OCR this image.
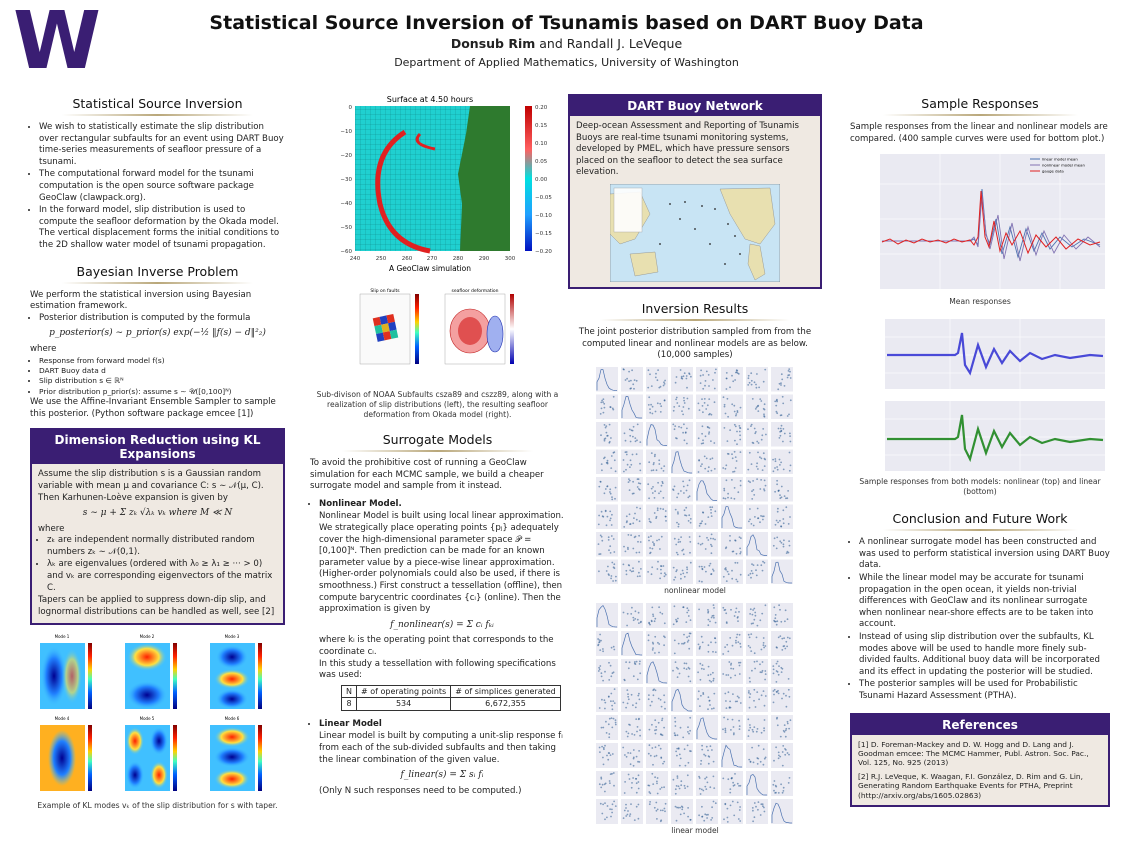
W	Statistical Source Inversion of Tsunamis based on DART Buoy Data
Donsub Rim and Randall J. LeVeque
Department of Applied Mathematics, University of Washington
Statistical Source Inversion
• We wish to statistically estimate the slip distribution over rectangular subfaults for an event using DART Buoy time-series measurements of seafloor pressure of a tsunami.
• The computational forward model for the tsunami computation is the open source software package GeoClaw (clawpack.org).
• In the forward model, slip distribution is used to compute the seafloor deformation by the Okada model. The vertical displacement forms the initial conditions to the 2D shallow water model of tsunami propagation.
Bayesian Inverse Problem
We perform the statistical inversion using Bayesian estimation framework.
• Posterior distribution is computed by the formula
p_posterior(s) ∼ p_prior(s) exp(−½ ‖f(s) − d‖²₂)
where
• Response from forward model f(s)
• DART Buoy data d
• Slip distribution s ∈ ℝᴺ
• Prior distribution p_prior(s): assume s ∼ 𝒰([0,100]ᴺ)
We use the Affine-Invariant Ensemble Sampler to sample this posterior. (Python software package emcee [1])
Dimension Reduction using KL Expansions
Assume the slip distribution s is a Gaussian random variable with mean μ and covariance C: s ∼ 𝒩(μ, C). Then Karhunen-Loève expansion is given by
s ∼ μ + Σ zₖ √λₖ vₖ where M ≪ N
where
• zₖ are independent normally distributed random numbers zₖ ∼ 𝒩(0,1).
• λₖ are eigenvalues (ordered with λ₀ ≥ λ₁ ≥ ··· > 0) and vₖ are corresponding eigenvectors of the matrix C.
Tapers can be applied to suppress down-dip slip, and lognormal distributions can be handled as well, see [2]
Mode 1	Mode 2	Mode 3
Mode 4	Mode 5	Mode 6
Example of KL modes vₖ of the slip distribution for s with taper.
Surface at 4.50 hours
0
−10
−20
−30
−40
−50
−60
240	250	260	270	280	290	300
0.20
0.15
0.10
0.05
0.00
−0.05
−0.10
−0.15
−0.20
A GeoClaw simulation
Slip on faults	seafloor deformation
Sub-divison of NOAA Subfaults csza89 and cszz89, along with a realization of slip distributions (left), the resulting seafloor deformation from Okada model (right).
Surrogate Models
To avoid the prohibitive cost of running a GeoClaw simulation for each MCMC sample, we build a cheaper surrogate model and sample from it instead.
• Nonlinear Model.
Nonlinear Model is built using local linear approximation. We strategically place operating points {pⱼ} adequately cover the high-dimensional parameter space 𝒫 = [0,100]ᴺ. Then prediction can be made for an known parameter value by a piece-wise linear approximation. (Higher-order polynomials could also be used, if there is smoothness.) First construct a tessellation (offline), then compute barycentric coordinates {cᵢ} (online). Then the approximation is given by
f_nonlinear(s) = Σ cᵢ fₖᵢ
where kᵢ is the operating point that corresponds to the coordinate cᵢ.
In this study a tessellation with following specifications was used:
N	# of operating points	# of simplices generated
8	534	6,672,355
• Linear Model
Linear model is built by computing a unit-slip response fᵢ from each of the sub-divided subfaults and then taking the linear combination of the given value.
f_linear(s) = Σ sᵢ fᵢ
(Only N such responses need to be computed.)
DART Buoy Network
Deep-ocean Assessment and Reporting of Tsunamis Buoys are real-time tsunami monitoring systems, developed by PMEL, which have pressure sensors placed on the seafloor to detect the sea surface elevation.
Inversion Results
The joint posterior distribution sampled from from the computed linear and nonlinear models are as below. (10,000 samples)
nonlinear model
linear model
Sample Responses
Sample responses from the linear and nonlinear models are compared. (400 sample curves were used for bottom plot.)
linear model mean
nonlinear model mean
gauge data
Mean responses
Sample responses from both models: nonlinear (top) and linear (bottom)
Conclusion and Future Work
• A nonlinear surrogate model has been constructed and was used to perform statistical inversion using DART Buoy data.
• While the linear model may be accurate for tsunami propagation in the open ocean, it yields non-trivial differences with GeoClaw and its nonlinear surrogate when nonlinear near-shore effects are to be taken into account.
• Instead of using slip distribution over the subfaults, KL modes above will be used to handle more finely sub-divided faults. Additional buoy data will be incorporated and its effect in updating the posterior will be studied.
• The posterior samples will be used for Probabilistic Tsunami Hazard Assessment (PTHA).
References
[1] D. Foreman-Mackey and D. W. Hogg and D. Lang and J. Goodman emcee: The MCMC Hammer, Publ. Astron. Soc. Pac., Vol. 125, No. 925 (2013)
[2] R.J. LeVeque, K. Waagan, F.I. González, D. Rim and G. Lin, Generating Random Earthquake Events for PTHA, Preprint (http://arxiv.org/abs/1605.02863)
